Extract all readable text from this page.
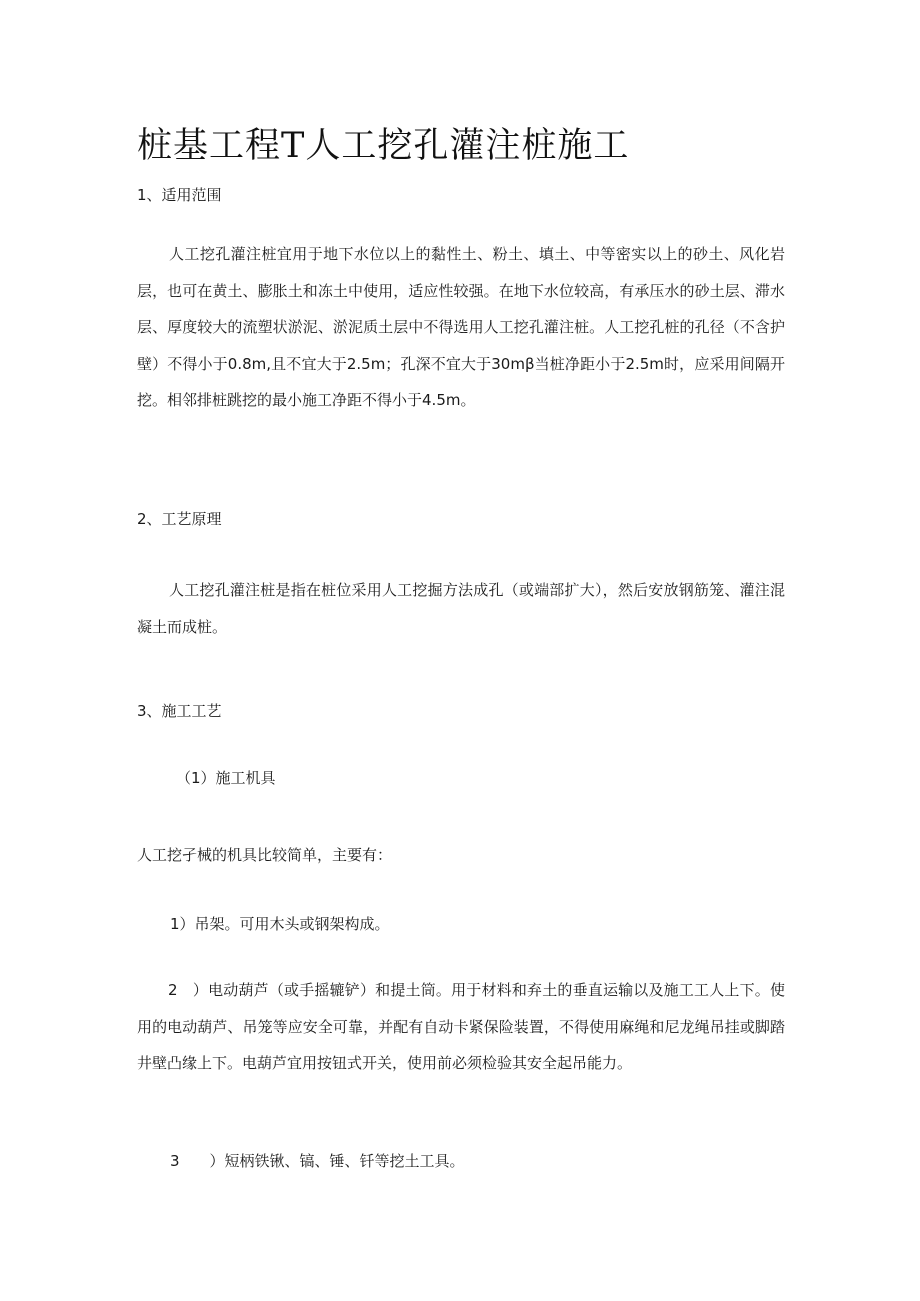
桩基工程T人工挖孔灌注桩施工

1、适用范围

人工挖孔灌注桩宜用于地下水位以上的黏性土、粉土、填土、中等密实以上的砂土、风化岩层，也可在黄土、膨胀土和冻土中使用，适应性较强。在地下水位较高，有承压水的砂土层、滞水层、厚度较大的流塑状淤泥、淤泥质土层中不得选用人工挖孔灌注桩。人工挖孔桩的孔径（不含护壁）不得小于0.8m,且不宜大于2.5m；孔深不宜大于30mβ当桩净距小于2.5m时，应采用间隔开挖。相邻排桩跳挖的最小施工净距不得小于4.5m。

2、工艺原理

人工挖孔灌注桩是指在桩位采用人工挖掘方法成孔（或端部扩大），然后安放钢筋笼、灌注混凝土而成桩。

3、施工工艺

（1）施工机具

人工挖孑械的机具比较简单，主要有：

1）吊架。可用木头或钢架构成。

2　）电动葫芦（或手摇辘铲）和提土筒。用于材料和弃土的垂直运输以及施工工人上下。使用的电动葫芦、吊笼等应安全可靠，并配有自动卡紧保险装置，不得使用麻绳和尼龙绳吊挂或脚踏井壁凸缘上下。电葫芦宜用按钮式开关，使用前必须检验其安全起吊能力。

3　　）短柄铁锹、镐、锤、钎等挖土工具。
